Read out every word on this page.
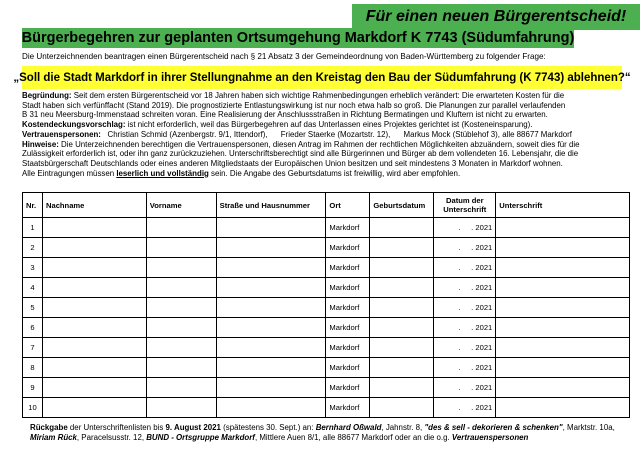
Für einen neuen Bürgerentscheid!
Bürgerbegehren zur geplanten Ortsumgehung Markdorf K 7743 (Südumfahrung)
Die Unterzeichnenden beantragen einen Bürgerentscheid nach § 21 Absatz 3 der Gemeindeordnung von Baden-Württemberg zu folgender Frage:
„Soll die Stadt Markdorf in ihrer Stellungnahme an den Kreistag den Bau der Südumfahrung (K 7743) ablehnen?“
Begründung: Seit dem ersten Bürgerentscheid vor 18 Jahren haben sich wichtige Rahmenbedingungen erheblich verändert: Die erwarteten Kosten für die
Stadt haben sich verfünffacht (Stand 2019). Die prognostizierte Entlastungswirkung ist nur noch etwa halb so groß. Die Planungen zur parallel verlaufenden
B 31 neu Meersburg-Immenstaad schreiten voran. Eine Realisierung der Anschlussstraßen in Richtung Bermatingen und Kluftern ist nicht zu erwarten.
Kostendeckungsvorschlag: ist nicht erforderlich, weil das Bürgerbegehren auf das Unterlassen eines Projektes gerichtet ist (Kosteneinsparung).
Vertrauenspersonen:   Christian Schmid (Azenbergstr. 9/1, Ittendorf),      Frieder Staerke (Mozartstr. 12),      Markus Mock (Stüblehof 3), alle 88677 Markdorf
Hinweise: Die Unterzeichnenden berechtigen die Vertrauenspersonen, diesen Antrag im Rahmen der rechtlichen Möglichkeiten abzuändern, soweit dies für die
Zulässigkeit erforderlich ist, oder ihn ganz zurückzuziehen. Unterschriftsberechtigt sind alle Bürgerinnen und Bürger ab dem vollendeten 16. Lebensjahr, die die
Staatsbürgerschaft Deutschlands oder eines anderen Mitgliedstaats der Europäischen Union besitzen und seit mindestens 3 Monaten in Markdorf wohnen.
Alle Eintragungen müssen leserlich und vollständig sein. Die Angabe des Geburtsdatums ist freiwillig, wird aber empfohlen.
Nr.	Nachname	Vorname	Straße und Hausnummer	Ort	Geburtsdatum	Datum der Unterschrift	Unterschrift
1				Markdorf		.     . 2021	
2				Markdorf		.     . 2021	
3				Markdorf		.     . 2021	
4				Markdorf		.     . 2021	
5				Markdorf		.     . 2021	
6				Markdorf		.     . 2021	
7				Markdorf		.     . 2021	
8				Markdorf		.     . 2021	
9				Markdorf		.     . 2021	
10				Markdorf		.     . 2021	
Rückgabe der Unterschriftenlisten bis 9. August 2021 (spätestens 30. Sept.) an: Bernhard Oßwald, Jahnstr. 8, "des & sell - dekorieren & schenken", Marktstr. 10a,
Miriam Rück, Paracelsusstr. 12, BUND - Ortsgruppe Markdorf, Mittlere Auen 8/1, alle 88677 Markdorf oder an die o.g. Vertrauenspersonen
